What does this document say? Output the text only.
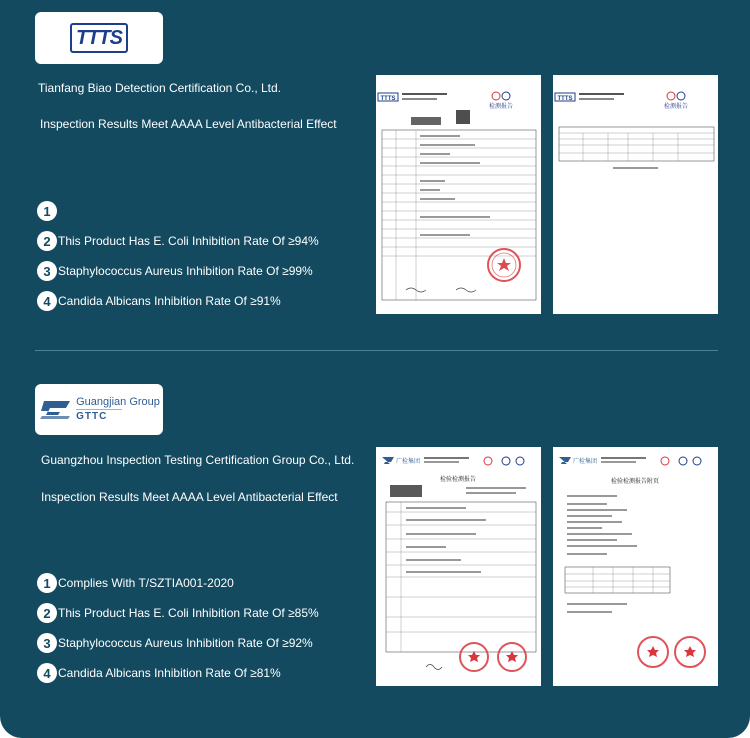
TTTS
Tianfang Biao Detection Certification Co., Ltd.
Inspection Results Meet AAAA Level Antibacterial Effect
1
2 This Product Has E. Coli Inhibition Rate Of ≥94%
3 Staphylococcus Aureus Inhibition Rate Of ≥99%
4 Candida Albicans Inhibition Rate Of ≥91%
TTTS
检测报告
TTTS
检测报告
Guangjian Group
GTTC
Guangzhou Inspection Testing Certification Group Co., Ltd.
Inspection Results Meet AAAA Level Antibacterial Effect
1 Complies With T/SZTIA001-2020
2 This Product Has E. Coli Inhibition Rate Of ≥85%
3 Staphylococcus Aureus Inhibition Rate Of ≥92%
4 Candida Albicans Inhibition Rate Of ≥81%
广检集团
检验检测报告
广检集团
检验检测报告附页
